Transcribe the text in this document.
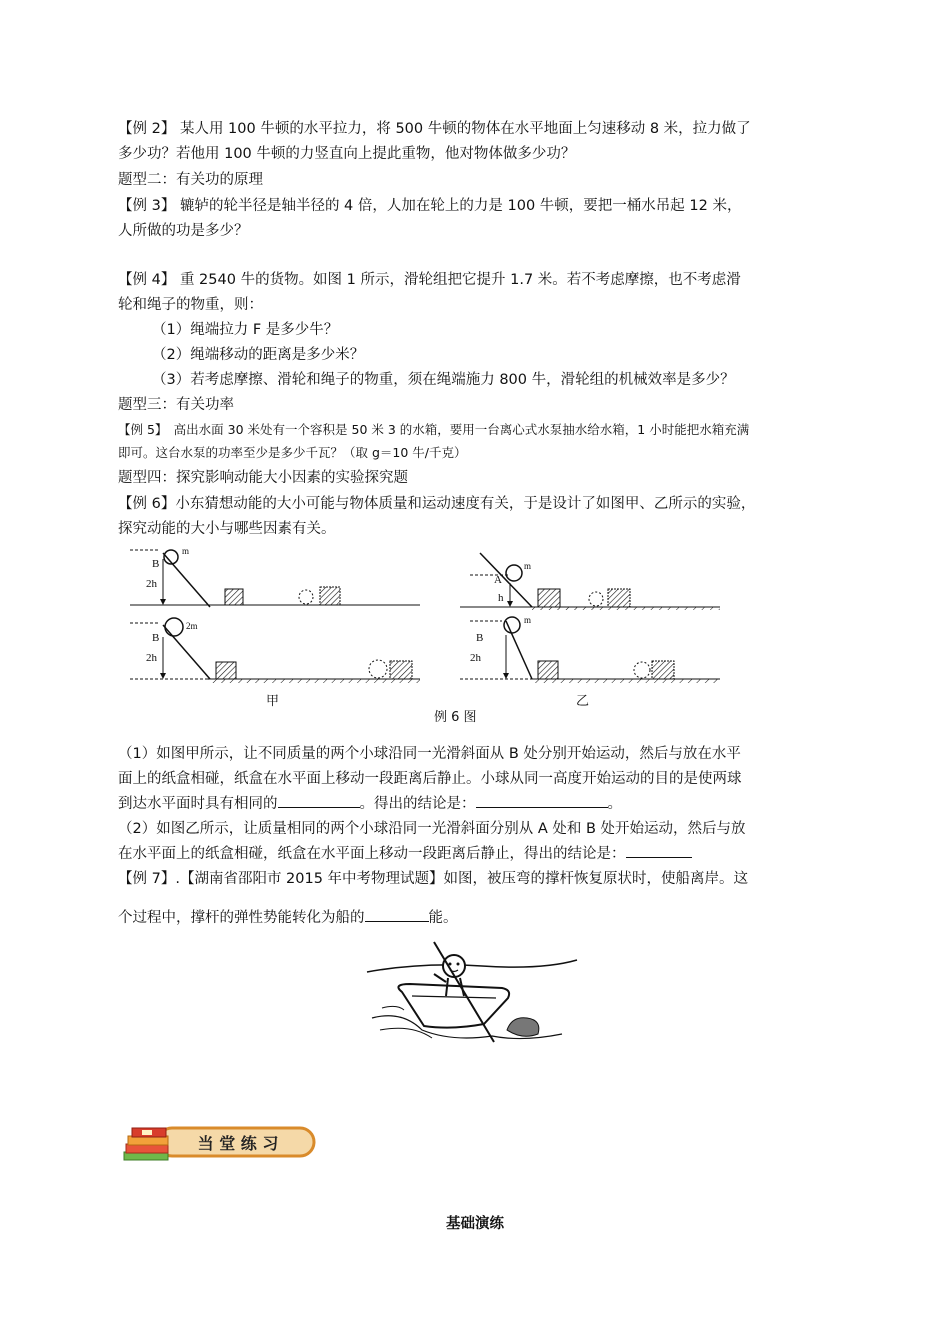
【例 2】 某人用 100 牛顿的水平拉力，将 500 牛顿的物体在水平地面上匀速移动 8 米，拉力做了
多少功？若他用 100 牛顿的力竖直向上提此重物，他对物体做多少功？
题型二：有关功的原理
【例 3】 辘轳的轮半径是轴半径的 4 倍，人加在轮上的力是 100 牛顿，要把一桶水吊起 12 米，
人所做的功是多少？
【例 4】 重 2540 牛的货物。如图 1 所示，滑轮组把它提升 1.7 米。若不考虑摩擦，也不考虑滑
轮和绳子的物重，则：
（1）绳端拉力 F 是多少牛？
（2）绳端移动的距离是多少米？
（3）若考虑摩擦、滑轮和绳子的物重，须在绳端施力 800 牛，滑轮组的机械效率是多少？
题型三：有关功率
【例 5】　高出水面 30 米处有一个容积是 50 米 3 的水箱，要用一台离心式水泵抽水给水箱，1 小时能把水箱充满
即可。这台水泵的功率至少是多少千瓦？（取 g＝10 牛/千克）
题型四：探究影响动能大小因素的实验探究题
【例 6】小东猜想动能的大小可能与物体质量和运动速度有关，于是设计了如图甲、乙所示的实验，
探究动能的大小与哪些因素有关。
B
m
2h
B
2m
2h
A
m
h
B
m
2h
甲	乙
例 6 图
（1）如图甲所示，让不同质量的两个小球沿同一光滑斜面从 B 处分别开始运动，然后与放在水平
面上的纸盒相碰，纸盒在水平面上移动一段距离后静止。小球从同一高度开始运动的目的是使两球
到达水平面时具有相同的	。得出的结论是：	。
（2）如图乙所示，让质量相同的两个小球沿同一光滑斜面分别从 A 处和 B 处开始运动，然后与放
在水平面上的纸盒相碰，纸盒在水平面上移动一段距离后静止，得出的结论是：
【例 7】.【湖南省邵阳市 2015 年中考物理试题】如图，被压弯的撑杆恢复原状时，使船离岸。这
个过程中，撑杆的弹性势能转化为船的	能。
当 堂 练 习
基础演练
